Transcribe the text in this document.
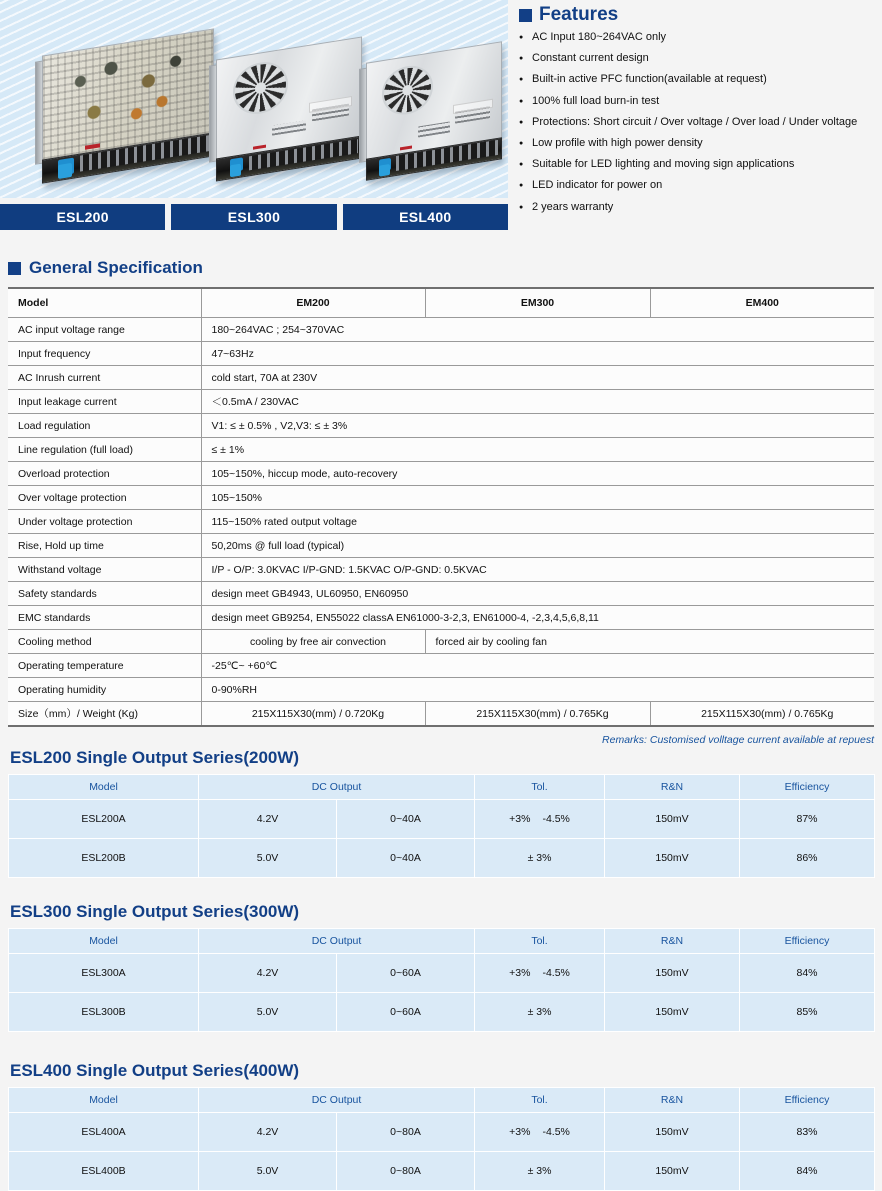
ESL200	ESL300	ESL400
Features
● AC Input 180~264VAC only
● Constant current design
● Built-in active PFC function(available at request)
● 100% full load burn-in test
● Protections: Short circuit / Over voltage / Over load / Under voltage
● Low profile with high power density
● Suitable for LED lighting and moving sign applications
● LED indicator for power on
● 2 years warranty
General Specification
Model	EM200	EM300	EM400
AC input voltage range	180~264VAC ; 254~370VAC		
Input frequency	47~63Hz		
AC Inrush current	cold start, 70A at 230V		
Input leakage current	＜0.5mA / 230VAC		
Load regulation	V1: ≤ ± 0.5% , V2,V3: ≤ ± 3%		
Line regulation (full load)	≤ ± 1%		
Overload protection	105~150%, hiccup mode, auto-recovery		
Over voltage protection	105~150%		
Under voltage protection	115~150% rated output voltage		
Rise, Hold up time	50,20ms @ full load (typical)		
Withstand voltage	I/P - O/P: 3.0KVAC I/P-GND: 1.5KVAC O/P-GND: 0.5KVAC		
Safety standards	design meet GB4943, UL60950, EN60950		
EMC standards	design meet GB9254, EN55022 classA EN61000-3-2,3, EN61000-4, -2,3,4,5,6,8,11		
Cooling method	cooling by free air convection	forced air by cooling fan	
Operating temperature	-25℃~ +60℃		
Operating humidity	0-90%RH		
Size（mm）/ Weight (Kg)	215X115X30(mm) / 0.720Kg	215X115X30(mm) / 0.765Kg	215X115X30(mm) / 0.765Kg
Remarks: Customised volltage current available at repuest
ESL200 Single Output Series(200W)
Model	DC Output		Tol.	R&N	Efficiency
ESL200A	4.2V	0~40A	+3% -4.5%	150mV	87%
ESL200B	5.0V	0~40A	± 3%	150mV	86%
ESL300 Single Output Series(300W)
Model	DC Output		Tol.	R&N	Efficiency
ESL300A	4.2V	0~60A	+3% -4.5%	150mV	84%
ESL300B	5.0V	0~60A	± 3%	150mV	85%
ESL400 Single Output Series(400W)
Model	DC Output		Tol.	R&N	Efficiency
ESL400A	4.2V	0~80A	+3% -4.5%	150mV	83%
ESL400B	5.0V	0~80A	± 3%	150mV	84%
